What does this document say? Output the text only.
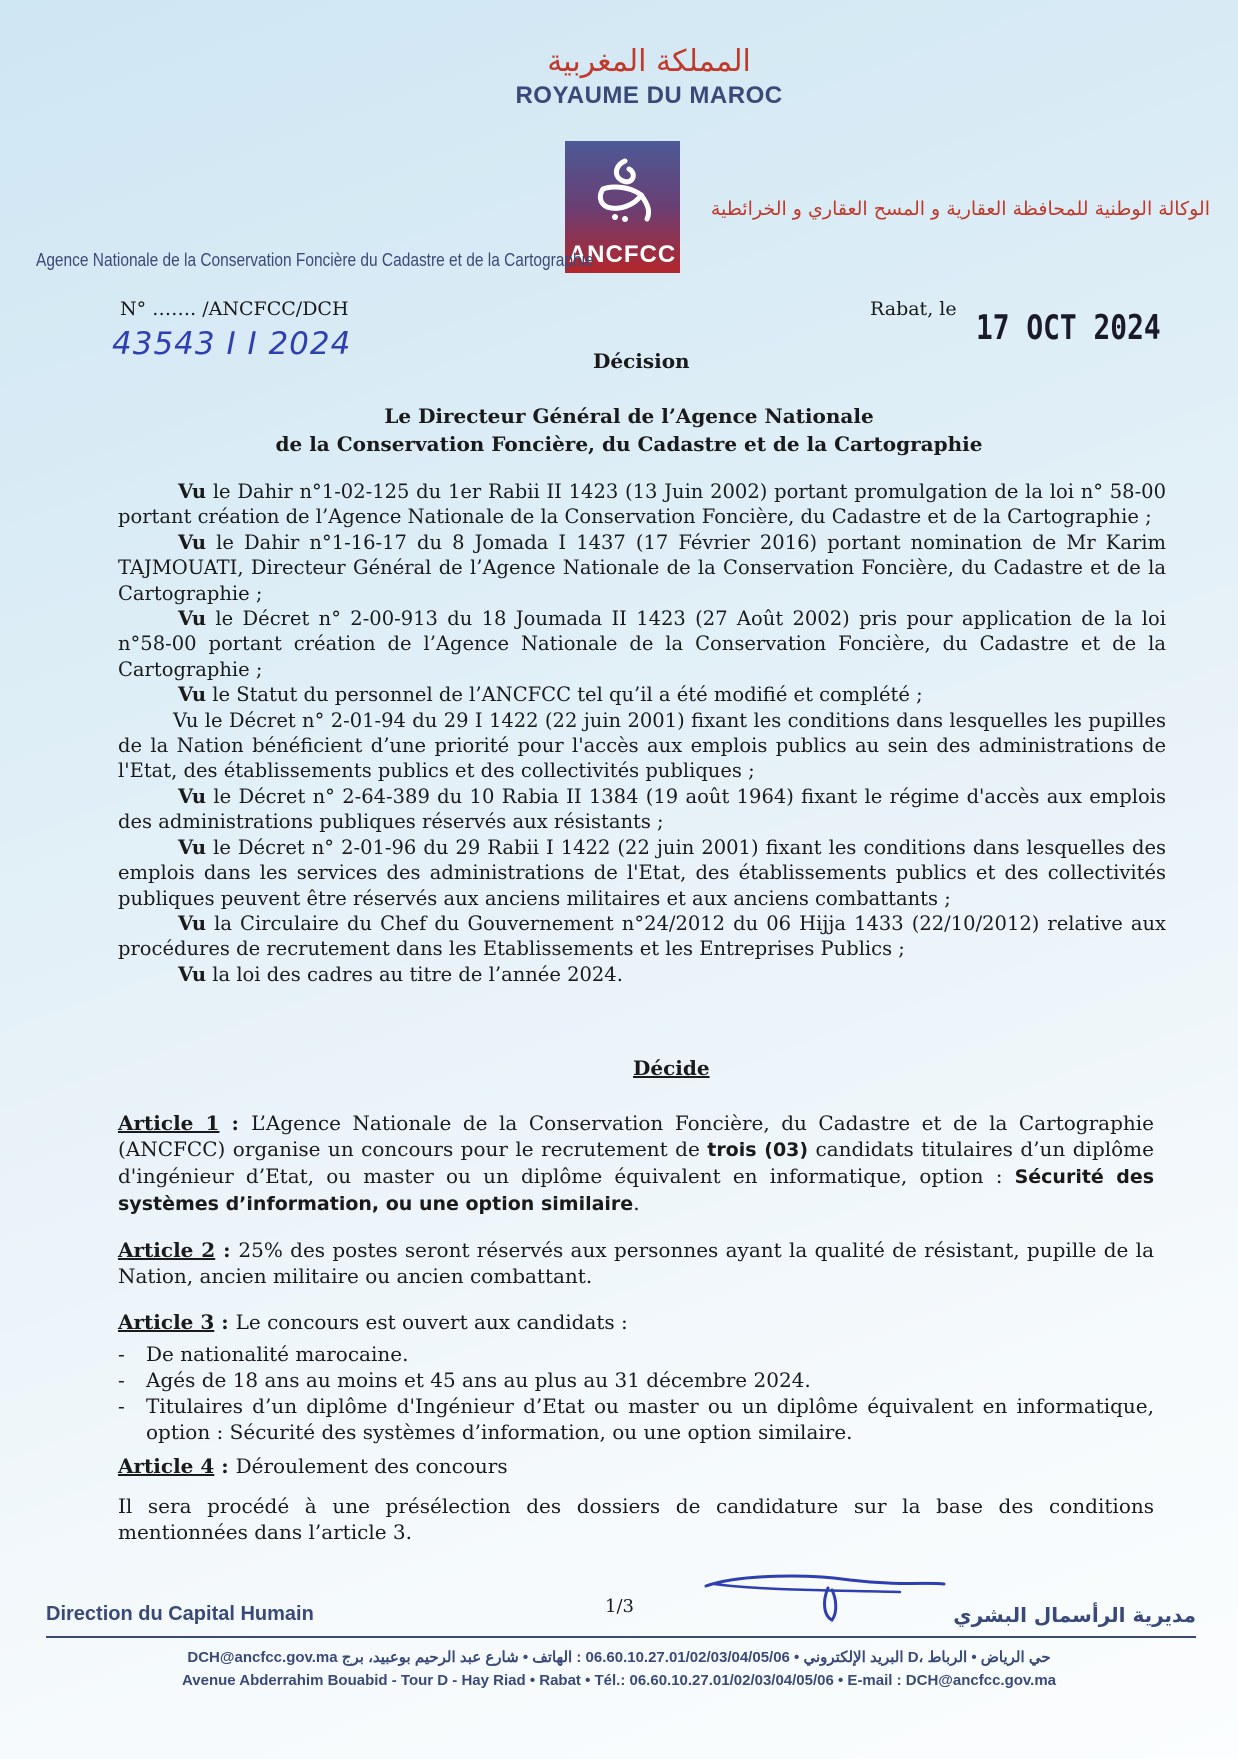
المملكة المغربية
ROYAUME DU MAROC
ANCFCC
Agence Nationale de la Conservation Foncière du Cadastre et de la Cartographie
الوكالة الوطنية للمحافظة العقارية و المسح العقاري و الخرائطية
N° ……. /ANCFCC/DCH
43543 I I 2024
Rabat, le 17 OCT 2024
Décision
Le Directeur Général de l’Agence Nationale
de la Conservation Foncière, du Cadastre et de la Cartographie

Vu le Dahir n°1-02-125 du 1er Rabii II 1423 (13 Juin 2002) portant promulgation de la loi n° 58-00 portant création de l’Agence Nationale de la Conservation Foncière, du Cadastre et de la Cartographie ;

Vu le Dahir n°1-16-17 du 8 Jomada I 1437 (17 Février 2016) portant nomination de Mr Karim TAJMOUATI, Directeur Général de l’Agence Nationale de la Conservation Foncière, du Cadastre et de la Cartographie ;

Vu le Décret n° 2-00-913 du 18 Joumada II 1423 (27 Août 2002) pris pour application de la loi n°58-00 portant création de l’Agence Nationale de la Conservation Foncière, du Cadastre et de la Cartographie ;

Vu le Statut du personnel de l’ANCFCC tel qu’il a été modifié et complété ;

Vu le Décret n° 2-01-94 du 29 I 1422 (22 juin 2001) fixant les conditions dans lesquelles les pupilles de la Nation bénéficient d’une priorité pour l'accès aux emplois publics au sein des administrations de l'Etat, des établissements publics et des collectivités publiques ;

Vu le Décret n° 2-64-389 du 10 Rabia II 1384 (19 août 1964) fixant le régime d'accès aux emplois des administrations publiques réservés aux résistants ;

Vu le Décret n° 2-01-96 du 29 Rabii I 1422 (22 juin 2001) fixant les conditions dans lesquelles des emplois dans les services des administrations de l'Etat, des établissements publics et des collectivités publiques peuvent être réservés aux anciens militaires et aux anciens combattants ;

Vu la Circulaire du Chef du Gouvernement n°24/2012 du 06 Hijja 1433 (22/10/2012) relative aux procédures de recrutement dans les Etablissements et les Entreprises Publics ;

Vu la loi des cadres au titre de l’année 2024.

Décide

Article 1 : L’Agence Nationale de la Conservation Foncière, du Cadastre et de la Cartographie (ANCFCC) organise un concours pour le recrutement de trois (03) candidats titulaires d’un diplôme d'ingénieur d’Etat, ou master ou un diplôme équivalent en informatique, option : Sécurité des systèmes d’information, ou une option similaire.

Article 2 : 25% des postes seront réservés aux personnes ayant la qualité de résistant, pupille de la Nation, ancien militaire ou ancien combattant.

Article 3 : Le concours est ouvert aux candidats :

- De nationalité marocaine.
- Agés de 18 ans au moins et 45 ans au plus au 31 décembre 2024.
- Titulaires d’un diplôme d'Ingénieur d’Etat ou master ou un diplôme équivalent en informatique, option : Sécurité des systèmes d’information, ou une option similaire.

Article 4 : Déroulement des concours

Il sera procédé à une présélection des dossiers de candidature sur la base des conditions mentionnées dans l’article 3.

Direction du Capital Humain	1/3	مديرية الرأسمال البشري
DCH@ancfcc.gov.ma البريد الإلكتروني • 06.60.10.27.01/02/03/04/05/06 : الهاتف • شارع عبد الرحيم بوعبيد، برج D، حي الرياض • الرباط
Avenue Abderrahim Bouabid - Tour D - Hay Riad • Rabat • Tél.: 06.60.10.27.01/02/03/04/05/06 • E-mail : DCH@ancfcc.gov.ma
